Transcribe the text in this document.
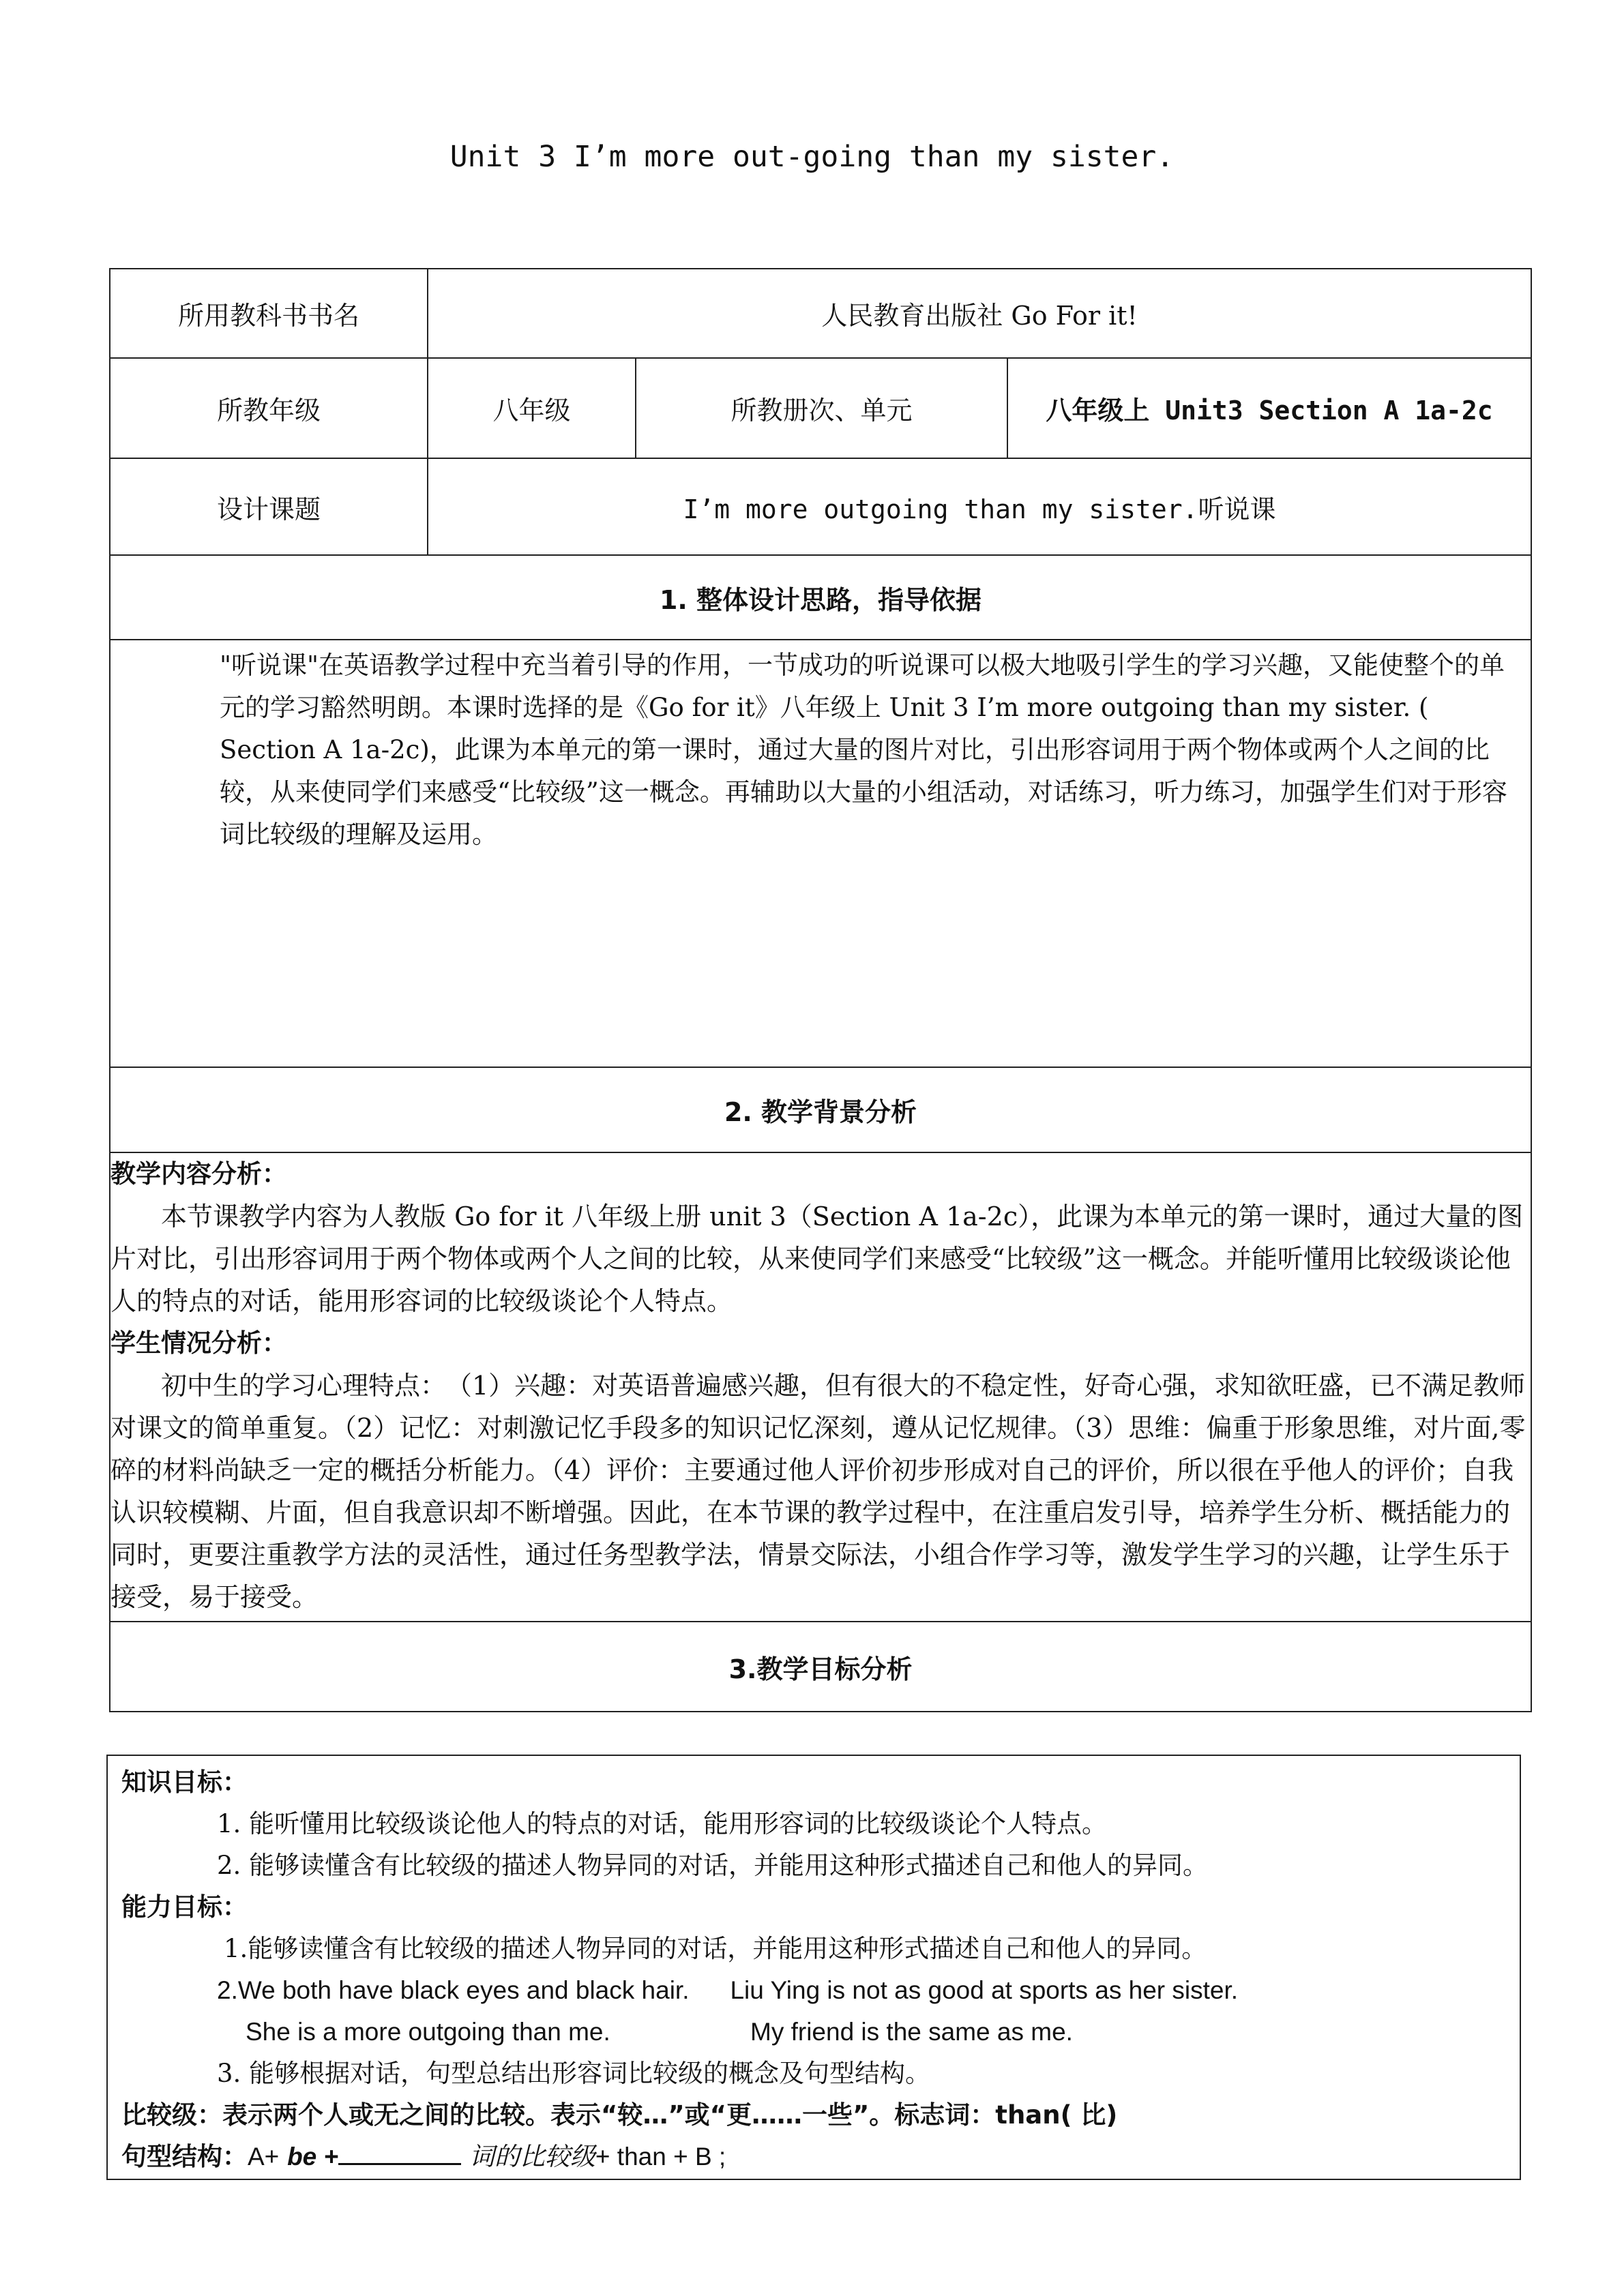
Unit 3 I’m more out-going than my sister.
所用教科书书名	人民教育出版社 Go For it!		
所教年级	八年级	所教册次、单元	八年级上 Unit3 Section A 1a-2c
设计课题	I’m more outgoing than my sister.听说课		
1. 整体设计思路，指导依据			

"听说课"在英语教学过程中充当着引导的作用，一节成功的听说课可以极大地吸引学生的学习兴趣，又能使整个的单元的学习豁然明朗。本课时选择的是《Go for it》八年级上 Unit 3 I’m more outgoing than my sister. ( Section A 1a-2c)，此课为本单元的第一课时，通过大量的图片对比，引出形容词用于两个物体或两个人之间的比较，从来使同学们来感受“比较级”这一概念。再辅助以大量的小组活动，对话练习，听力练习，加强学生们对于形容词比较级的理解及运用。			

2. 教学背景分析			

教学内容分析：
本节课教学内容为人教版 Go for it 八年级上册 unit 3（Section A 1a-2c），此课为本单元的第一课时，通过大量的图片对比，引出形容词用于两个物体或两个人之间的比较，从来使同学们来感受“比较级”这一概念。并能听懂用比较级谈论他人的特点的对话，能用形容词的比较级谈论个人特点。
学生情况分析：
初中生的学习心理特点：　（1）兴趣：对英语普遍感兴趣，但有很大的不稳定性，好奇心强，求知欲旺盛，已不满足教师对课文的简单重复。（2）记忆：对刺激记忆手段多的知识记忆深刻，遵从记忆规律。（3）思维：偏重于形象思维，对片面,零碎的材料尚缺乏一定的概括分析能力。（4）评价：主要通过他人评价初步形成对自己的评价，所以很在乎他人的评价；自我认识较模糊、片面，但自我意识却不断增强。因此，在本节课的教学过程中，在注重启发引导，培养学生分析、概括能力的同时，更要注重教学方法的灵活性，通过任务型教学法，情景交际法，小组合作学习等，激发学生学习的兴趣，让学生乐于接受，易于接受。			

3.教学目标分析			
知识目标：
1. 能听懂用比较级谈论他人的特点的对话，能用形容词的比较级谈论个人特点。
2. 能够读懂含有比较级的描述人物异同的对话，并能用这种形式描述自己和他人的异同。
能力目标：
1.能够读懂含有比较级的描述人物异同的对话，并能用这种形式描述自己和他人的异同。
2.We both have black eyes and black hair. Liu Ying is not as good at sports as her sister.
She is a more outgoing than me.	My friend is the same as me.
3. 能够根据对话，句型总结出形容词比较级的概念及句型结构。
比较级：表示两个人或无之间的比较。表示“较…”或“更……一些”。标志词：than( 比)
句型结构：A+ be +	词的比较级+ than + B ;
